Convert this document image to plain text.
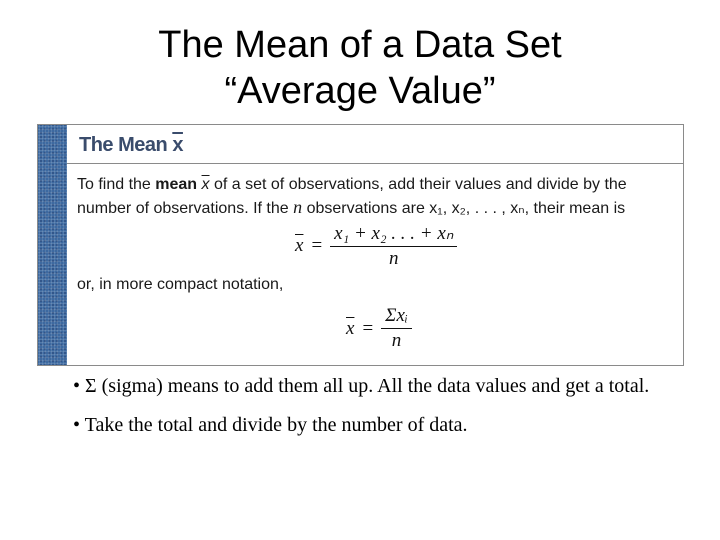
The Mean of a Data Set
“Average Value”
The Mean $\overline{x}$

To find the mean $\overline{x}$ of a set of observations, add their values and divide by the number of observations. If the n observations are x₁, x₂, . . . , xₙ, their mean is

$\overline{x} = \frac{\text{x₁ + x₂ . . . + xₙ}}{n}$

or, in more compact notation,

$\overline{x} = \frac{\text{Σxᵢ}}{n}$

• Σ (sigma) means to add them all up. All the data values and get a total.

• Take the total and divide by the number of data.
